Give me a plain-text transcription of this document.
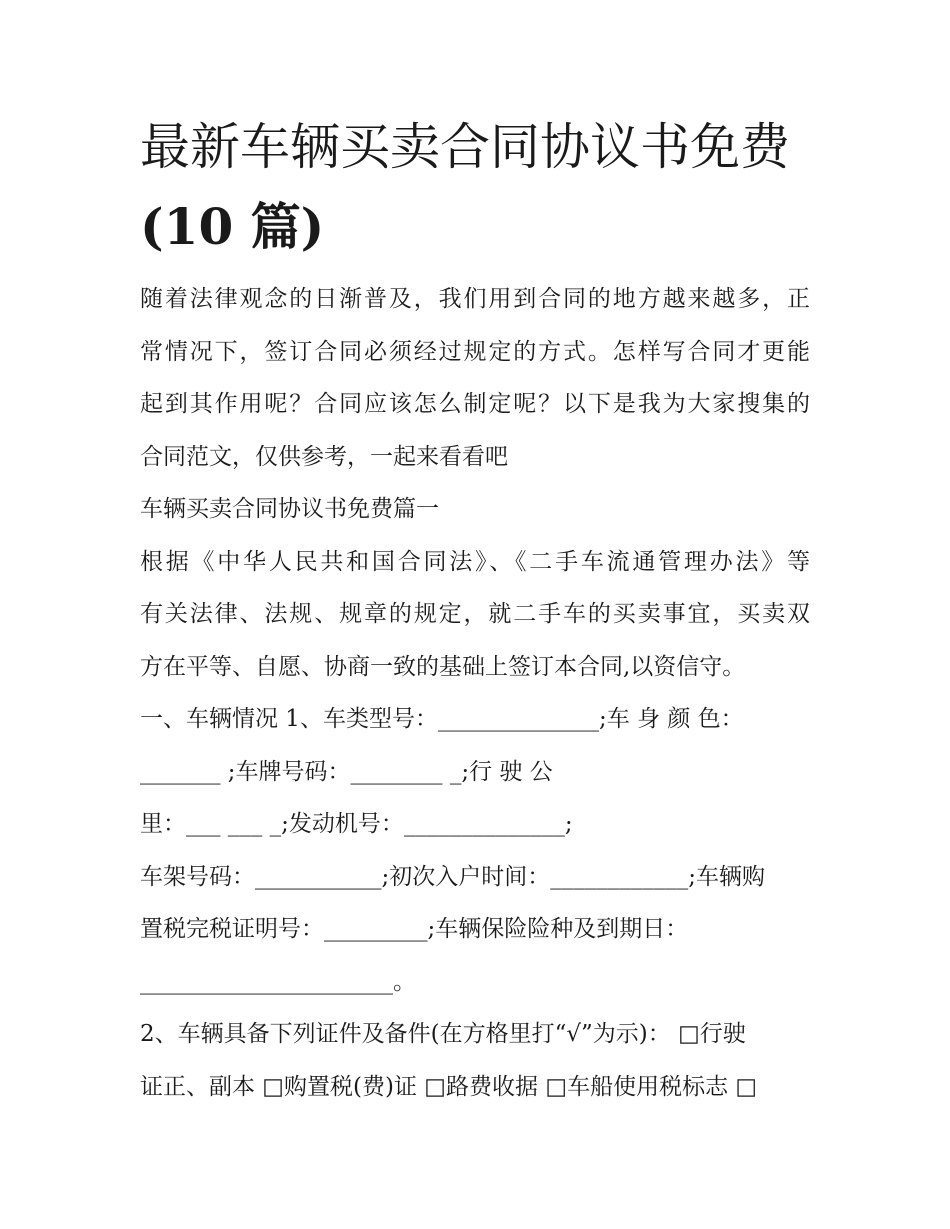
最新车辆买卖合同协议书免费
(10 篇)
随着法律观念的日渐普及，我们用到合同的地方越来越多，正
常情况下，签订合同必须经过规定的方式。怎样写合同才更能
起到其作用呢？合同应该怎么制定呢？以下是我为大家搜集的
合同范文，仅供参考，一起来看看吧
车辆买卖合同协议书免费篇一
根据《中华人民共和国合同法》、《二手车流通管理办法》等
有关法律、法规、规章的规定，就二手车的买卖事宜，买卖双
方在平等、自愿、协商一致的基础上签订本合同,以资信守。
一、车辆情况 1、车类型号：______________;车 身 颜 色：
_______ ;车牌号码：________ _;行 驶 公
里：___ ___ _;发动机号：______________;
车架号码：___________;初次入户时间：____________;车辆购
置税完税证明号：_________;车辆保险险种及到期日：
______________________。
2、车辆具备下列证件及备件(在方格里打“√”为示)： □行驶
证正、副本 □购置税(费)证 □路费收据 □车船使用税标志 □
